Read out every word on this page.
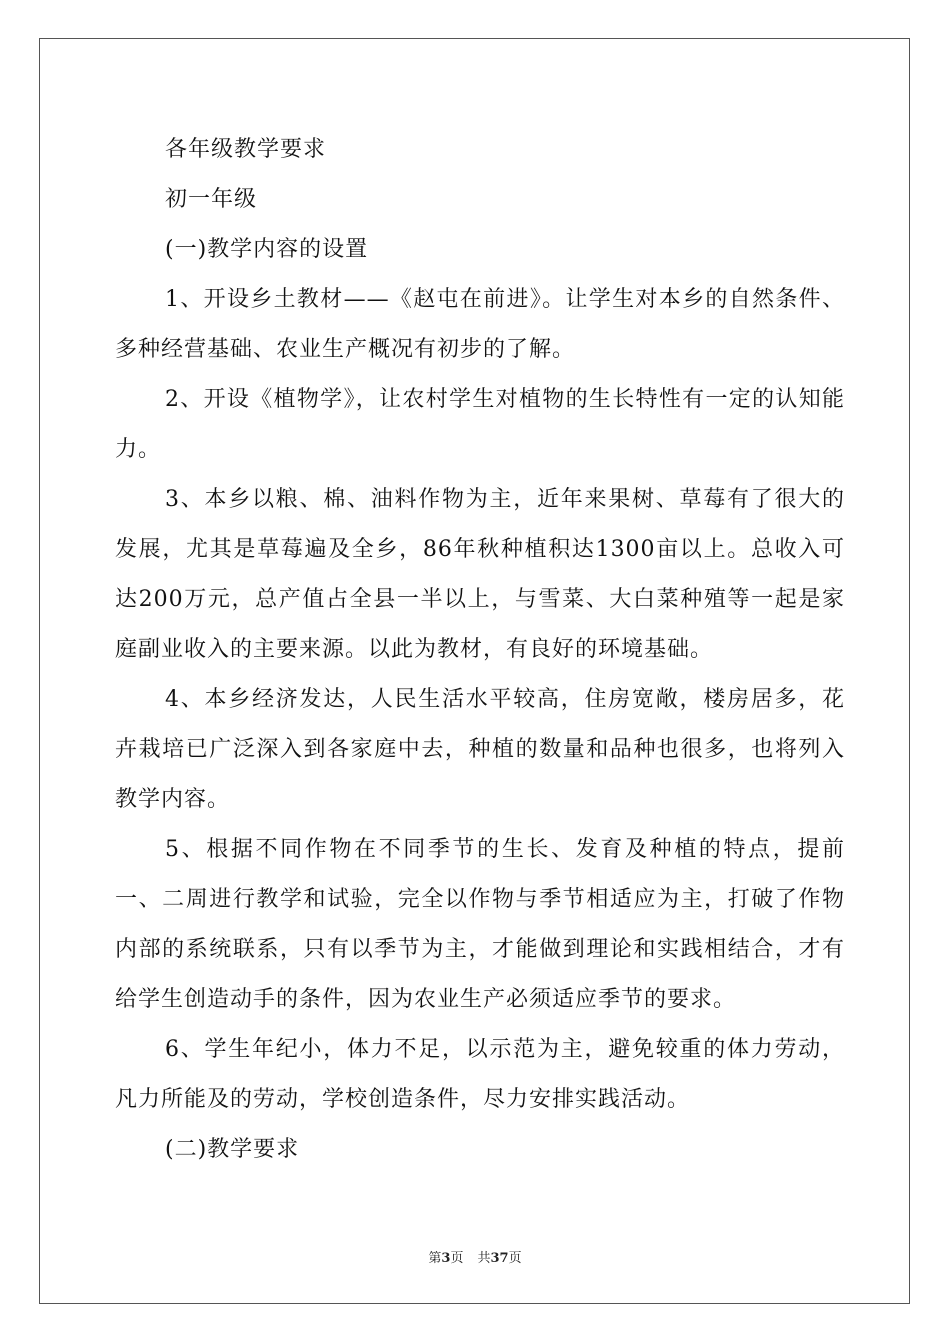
各年级教学要求

初一年级

(一)教学内容的设置

1、开设乡土教材——《赵屯在前进》。让学生对本乡的自然条件、多种经营基础、农业生产概况有初步的了解。

2、开设《植物学》，让农村学生对植物的生长特性有一定的认知能力。

3、本乡以粮、棉、油料作物为主，近年来果树、草莓有了很大的发展，尤其是草莓遍及全乡，86年秋种植积达1300亩以上。总收入可达200万元，总产值占全县一半以上，与雪菜、大白菜种殖等一起是家庭副业收入的主要来源。以此为教材，有良好的环境基础。

4、本乡经济发达，人民生活水平较高，住房宽敞，楼房居多，花卉栽培已广泛深入到各家庭中去，种植的数量和品种也很多，也将列入教学内容。

5、根据不同作物在不同季节的生长、发育及种植的特点，提前一、二周进行教学和试验，完全以作物与季节相适应为主，打破了作物内部的系统联系，只有以季节为主，才能做到理论和实践相结合，才有给学生创造动手的条件，因为农业生产必须适应季节的要求。

6、学生年纪小，体力不足，以示范为主，避免较重的体力劳动，凡力所能及的劳动，学校创造条件，尽力安排实践活动。

(二)教学要求

第3页 共37页
